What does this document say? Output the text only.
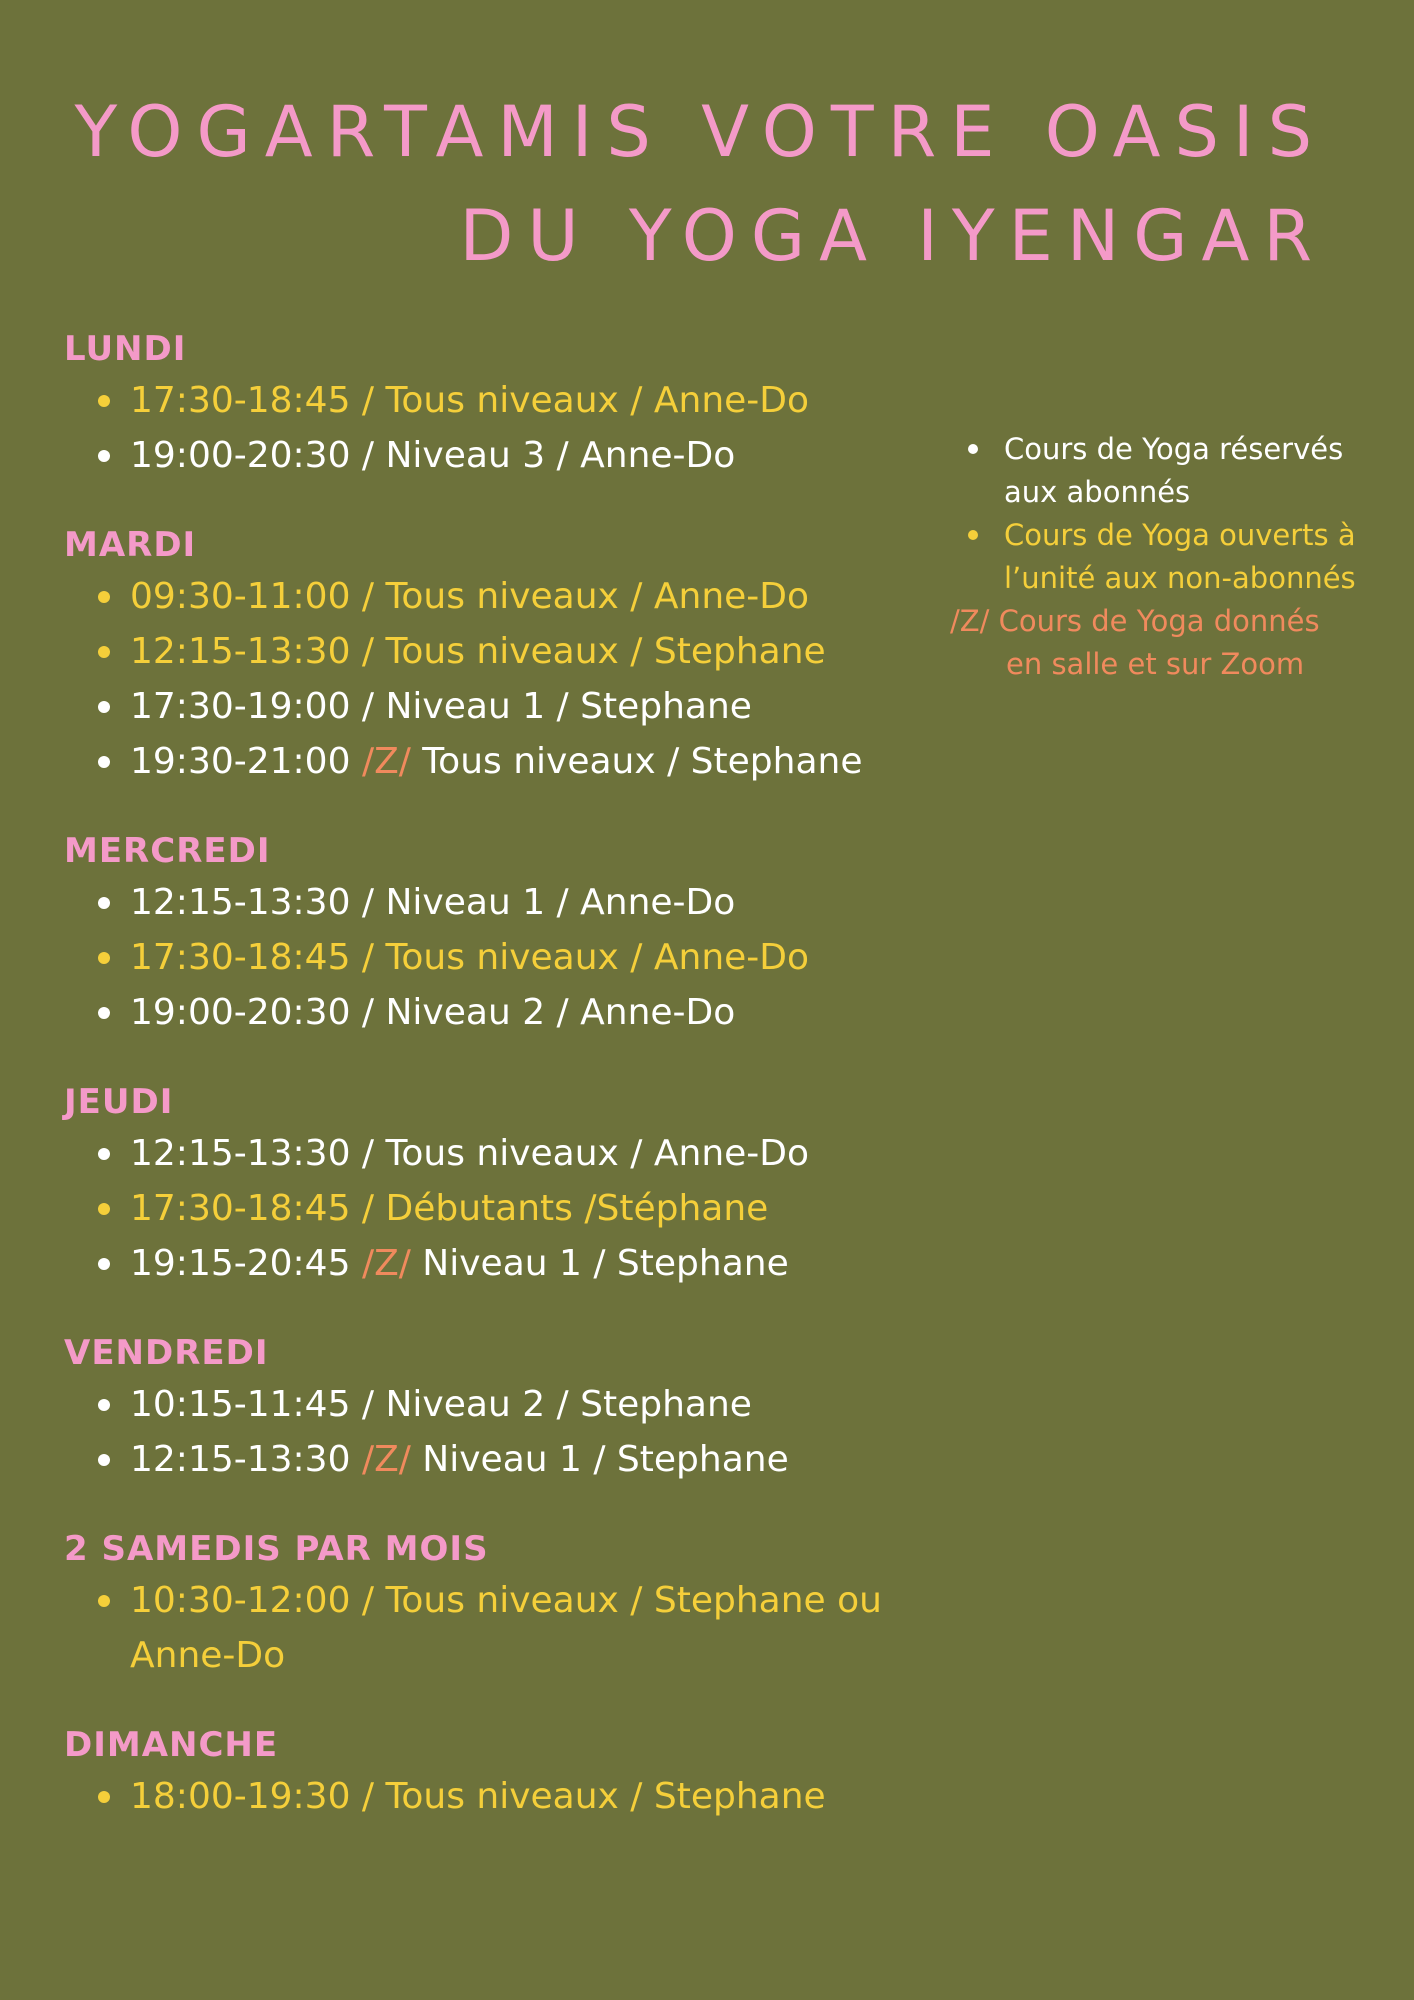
YOGARTAMIS VOTRE OASIS
DU YOGA IYENGAR
LUNDI
17:30-18:45 / Tous niveaux / Anne-Do
19:00-20:30 / Niveau 3 / Anne-Do
MARDI
09:30-11:00 / Tous niveaux / Anne-Do
12:15-13:30 / Tous niveaux / Stephane
17:30-19:00 / Niveau 1 / Stephane
19:30-21:00 /Z/ Tous niveaux / Stephane
MERCREDI
12:15-13:30 / Niveau 1 / Anne-Do
17:30-18:45 / Tous niveaux / Anne-Do
19:00-20:30 / Niveau 2 / Anne-Do
JEUDI
12:15-13:30 / Tous niveaux / Anne-Do
17:30-18:45 / Débutants /Stéphane
19:15-20:45 /Z/ Niveau 1 / Stephane
VENDREDI
10:15-11:45 / Niveau 2 / Stephane
12:15-13:30 /Z/ Niveau 1 / Stephane
2 SAMEDIS PAR MOIS
10:30-12:00 / Tous niveaux / Stephane ou Anne-Do
DIMANCHE
18:00-19:30 / Tous niveaux / Stephane
Cours de Yoga réservés
aux abonnés
Cours de Yoga ouverts à
l’unité aux non-abonnés
/Z/ Cours de Yoga donnés
en salle et sur Zoom
